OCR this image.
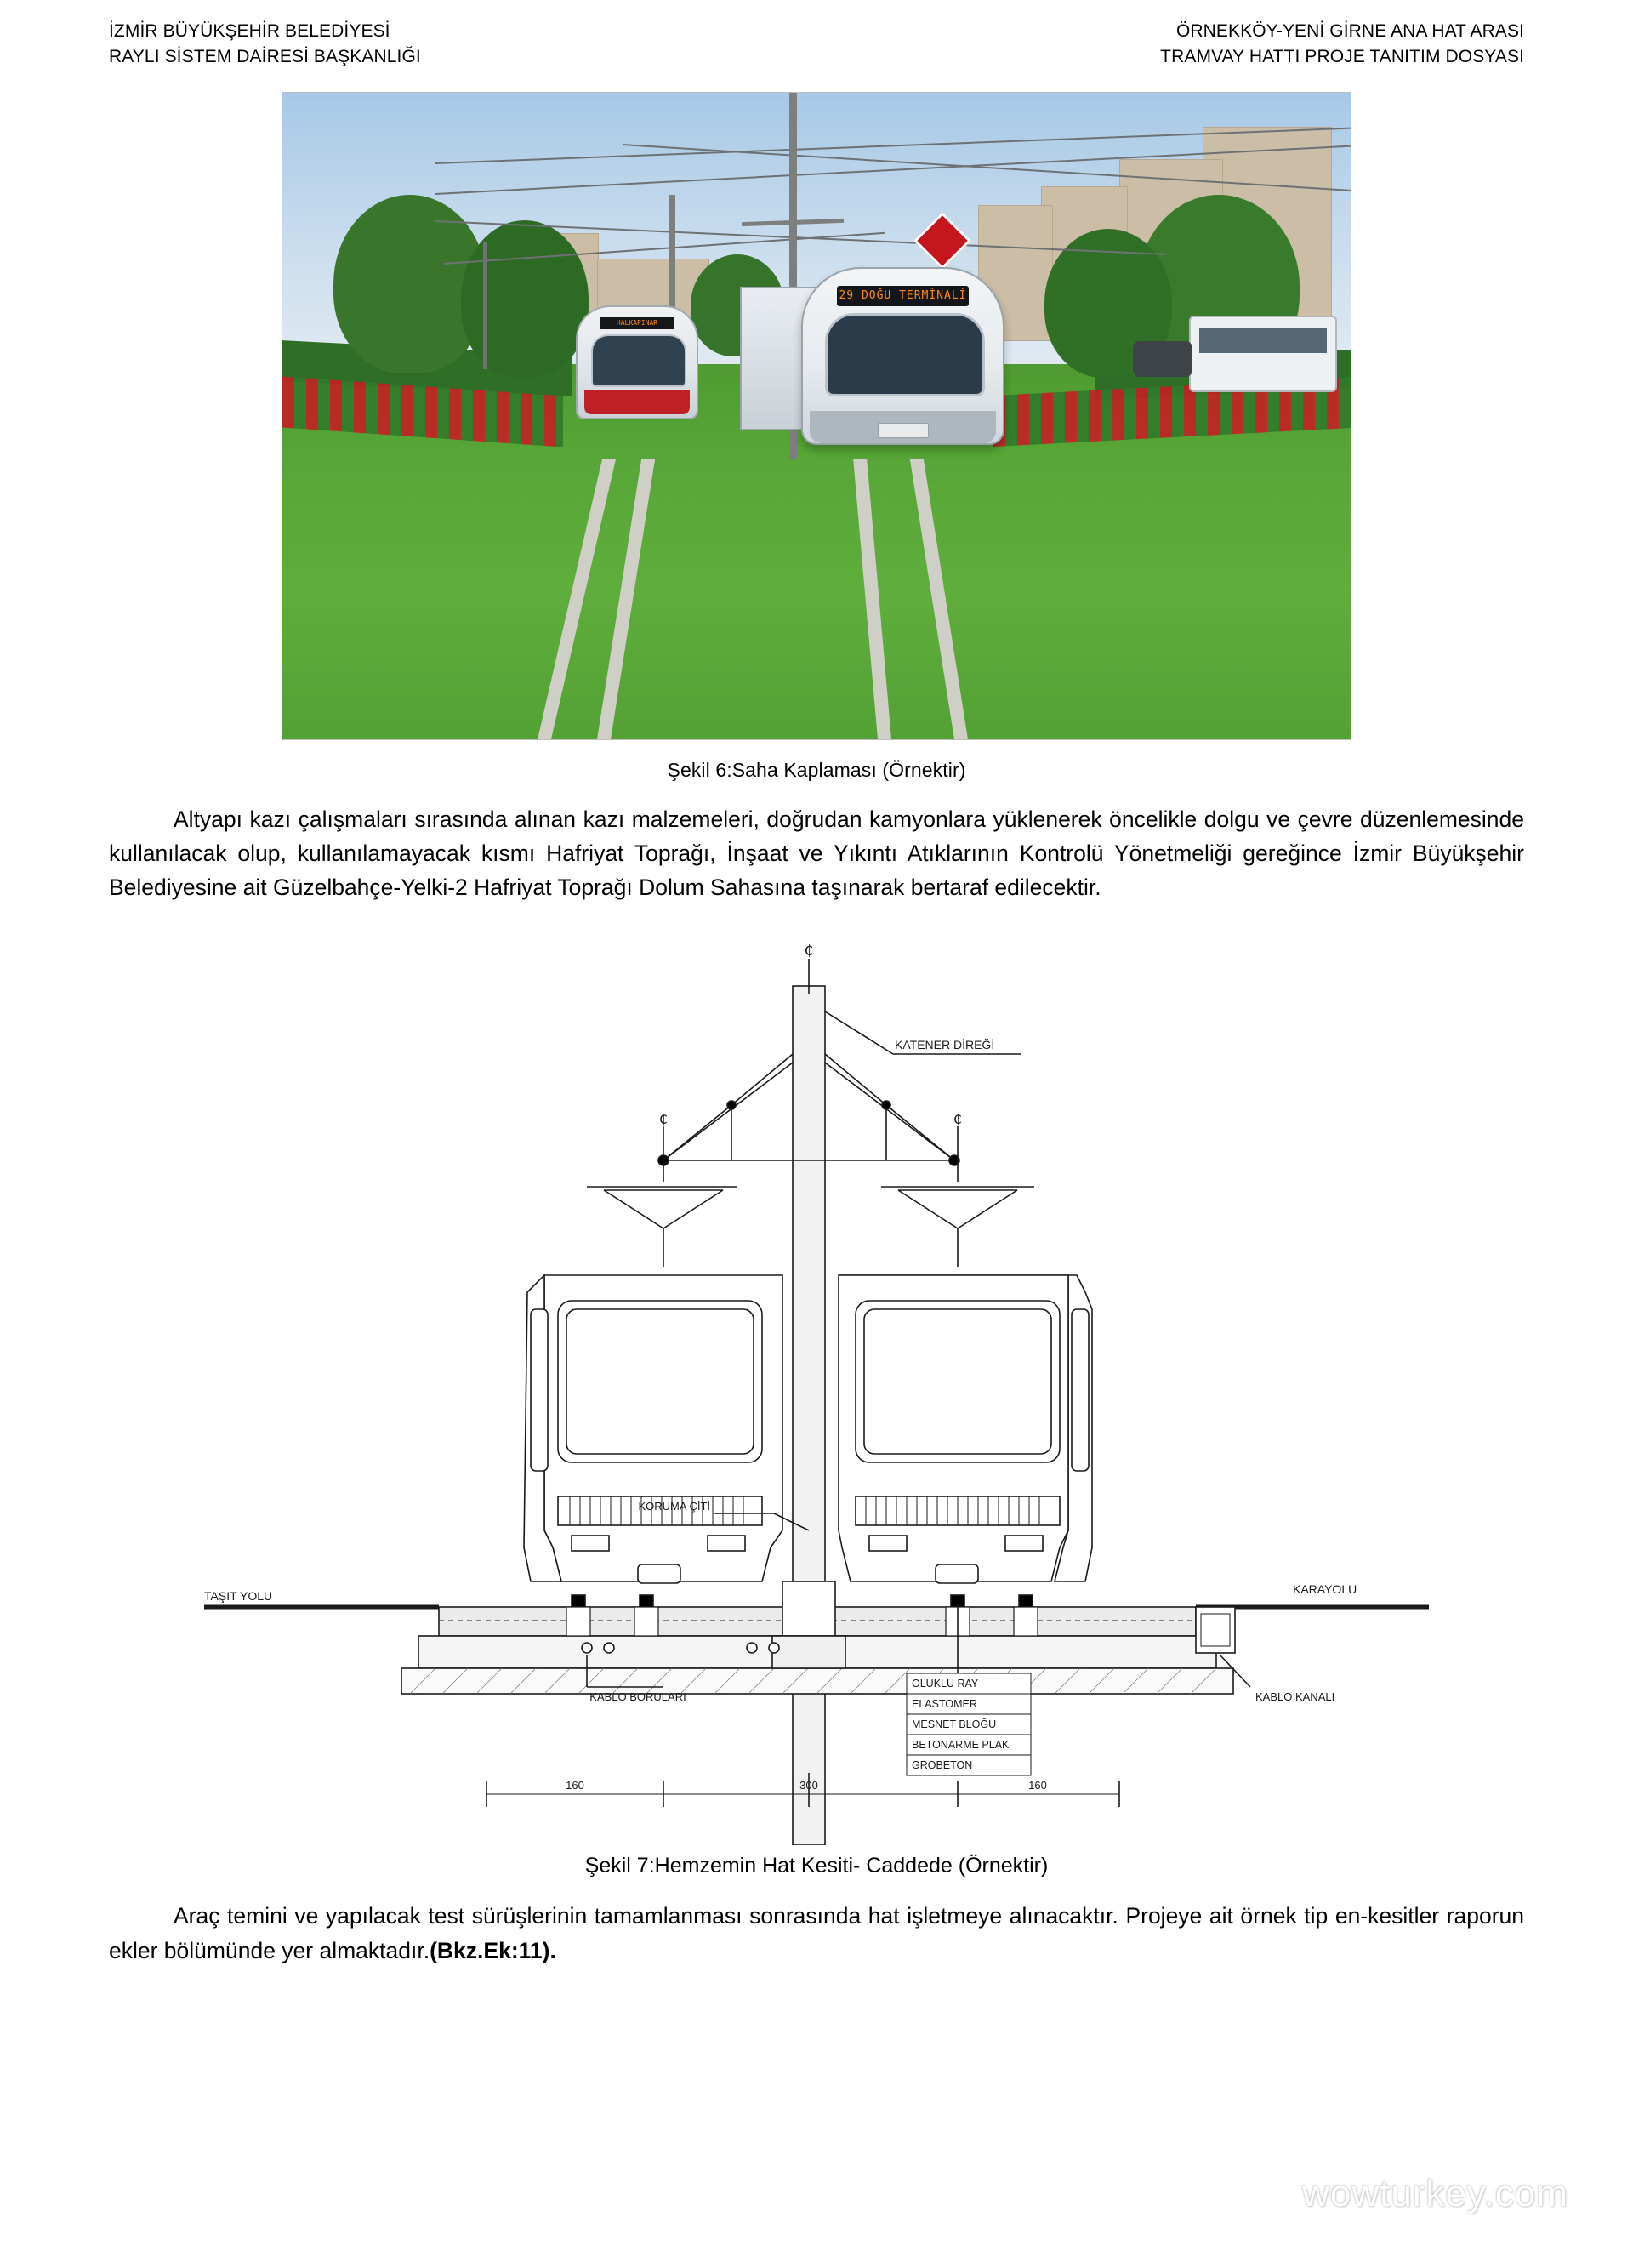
İZMİR BÜYÜKŞEHİR BELEDİYESİ
RAYLI SİSTEM DAİRESİ BAŞKANLIĞI
ÖRNEKKÖY-YENİ GİRNE ANA HAT ARASI
TRAMVAY HATTI PROJE TANITIM DOSYASI
HALKAPINAR
29 DOĞU TERMİNALİ
Şekil 6:Saha Kaplaması (Örnektir)
Altyapı kazı çalışmaları sırasında alınan kazı malzemeleri, doğrudan kamyonlara yüklenerek öncelikle dolgu ve çevre düzenlemesinde kullanılacak olup, kullanılamayacak kısmı Hafriyat Toprağı, İnşaat ve Yıkıntı Atıklarının Kontrolü Yönetmeliği gereğince İzmir Büyükşehir Belediyesine ait Güzelbahçe-Yelki-2 Hafriyat Toprağı Dolum Sahasına taşınarak bertaraf edilecektir.
₵
KATENER DİREĞİ
₵	₵
KORUMA ÇİTİ
TAŞIT YOLU	KARAYOLU
KABLO BORULARI	KABLO KANALI
OLUKLU RAY
ELASTOMER
MESNET BLOĞU
BETONARME PLAK
GROBETON
160	300	160
Şekil 7:Hemzemin Hat Kesiti- Caddede (Örnektir)
Araç temini ve yapılacak test sürüşlerinin tamamlanması sonrasında hat işletmeye alınacaktır. Projeye ait örnek tip en-kesitler raporun ekler bölümünde yer almaktadır.(Bkz.Ek:11).
wowturkey.com
